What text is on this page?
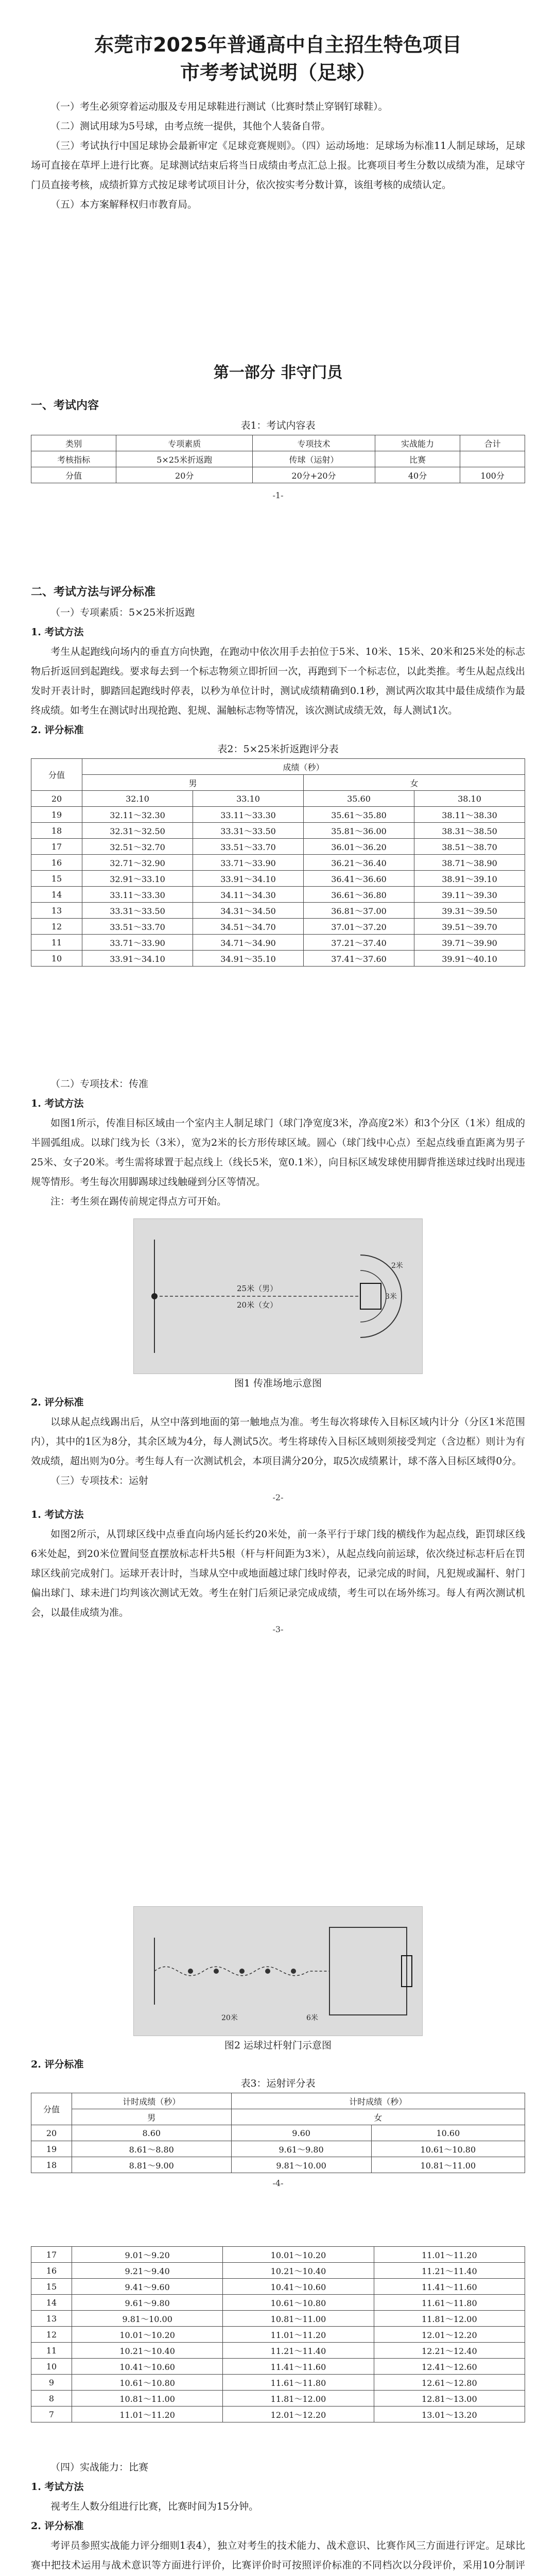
东莞市2025年普通高中自主招生特色项目
市考考试说明（足球）

（一）考生必须穿着运动服及专用足球鞋进行测试（比赛时禁止穿钢钉球鞋）。

（二）测试用球为5号球，由考点统一提供，其他个人装备自带。

（三）考试执行中国足球协会最新审定《足球竞赛规则》。（四）运动场地：足球场为标准11人制足球场，足球场可直接在草坪上进行比赛。足球测试结束后将当日成绩由考点汇总上报。比赛项目考生分数以成绩为准，足球守门员直接考核，成绩折算方式按足球考试项目计分，依次按实考分数计算，该组考核的成绩认定。

（五）本方案解释权归市教育局。

第一部分 非守门员
一、考试内容
表1：考试内容表
类别	专项素质	专项技术	实战能力	合计
考核指标	5×25米折返跑	传球（运射）	比赛	
分值	20分	20分+20分	40分	100分
-1-
二、考试方法与评分标准

（一）专项素质：5×25米折返跑

1. 考试方法

考生从起跑线向场内的垂直方向快跑，在跑动中依次用手去拍位于5米、10米、15米、20米和25米处的标志物后折返回到起跑线。要求每去到一个标志物须立即折回一次，再跑到下一个标志位，以此类推。考生从起点线出发时开表计时，脚踏回起跑线时停表，以秒为单位计时，测试成绩精确到0.1秒，测试两次取其中最佳成绩作为最终成绩。如考生在测试时出现抢跑、犯规、漏触标志物等情况，该次测试成绩无效，每人测试1次。

2. 评分标准
表2：5×25米折返跑评分表
分值	成绩（秒）			
	男		女	
20	32.10	33.10	35.60	38.10
19	32.11～32.30	33.11～33.30	35.61～35.80	38.11～38.30
18	32.31～32.50	33.31～33.50	35.81～36.00	38.31～38.50
17	32.51～32.70	33.51～33.70	36.01～36.20	38.51～38.70
16	32.71～32.90	33.71～33.90	36.21～36.40	38.71～38.90
15	32.91～33.10	33.91～34.10	36.41～36.60	38.91～39.10
14	33.11～33.30	34.11～34.30	36.61～36.80	39.11～39.30
13	33.31～33.50	34.31～34.50	36.81～37.00	39.31～39.50
12	33.51～33.70	34.51～34.70	37.01～37.20	39.51～39.70
11	33.71～33.90	34.71～34.90	37.21～37.40	39.71～39.90
10	33.91～34.10	34.91～35.10	37.41～37.60	39.91～40.10

（二）专项技术：传准

1. 考试方法

如图1所示，传准目标区域由一个室内主人制足球门（球门净宽度3米，净高度2米）和3个分区（1米）组成的半圆弧组成。以球门线为长（3米），宽为2米的长方形传球区域。圆心（球门线中心点）至起点线垂直距离为男子25米、女子20米。考生需将球置于起点线上（线长5米，宽0.1米），向目标区域发球使用脚背推送球过线时出现违规等情形。考生每次用脚踢球过线触碰到分区等情况。

注：考生须在踢传前规定得点方可开始。

25米（男）
20米（女）
3米
2米
图1 传准场地示意图
2. 评分标准

以球从起点线踢出后，从空中落到地面的第一触地点为准。考生每次将球传入目标区域内计分（分区1米范围内），其中的1区为8分，其余区域为4分，每人测试5次。考生将球传入目标区域则须接受判定（含边框）则计为有效成绩，超出则为0分。考生每人有一次测试机会，本项目满分20分，取5次成绩累计，球不落入目标区域得0分。

（三）专项技术：运射

-2-
1. 考试方法

如图2所示，从罚球区线中点垂直向场内延长约20米处，前一条平行于球门线的横线作为起点线，距罚球区线6米处起，到20米位置间竖直摆放标志杆共5根（杆与杆间距为3米），从起点线向前运球，依次绕过标志杆后在罚球区线前完成射门。运球开表计时，当球从空中或地面越过球门线时停表，记录完成的时间，凡犯规或漏杆、射门偏出球门、球未进门均判该次测试无效。考生在射门后须记录完成成绩，考生可以在场外练习。每人有两次测试机会，以最佳成绩为准。

-3-
20米	6米
图2 运球过杆射门示意图
2. 评分标准
表3：运射评分表
分值	计时成绩（秒）	计时成绩（秒）	
	男	女	
20	8.60	9.60	10.60
19	8.61～8.80	9.61～9.80	10.61～10.80
18	8.81～9.00	9.81～10.00	10.81～11.00
-4-
17	9.01～9.20	10.01～10.20	11.01～11.20
16	9.21～9.40	10.21～10.40	11.21～11.40
15	9.41～9.60	10.41～10.60	11.41～11.60
14	9.61～9.80	10.61～10.80	11.61～11.80
13	9.81～10.00	10.81～11.00	11.81～12.00
12	10.01～10.20	11.01～11.20	12.01～12.20
11	10.21～10.40	11.21～11.40	12.21～12.40
10	10.41～10.60	11.41～11.60	12.41～12.60
9	10.61～10.80	11.61～11.80	12.61～12.80
8	10.81～11.00	11.81～12.00	12.81～13.00
7	11.01～11.20	12.01～12.20	13.01～13.20

（四）实战能力：比赛

1. 考试方法

视考生人数分组进行比赛，比赛时间为15分钟。

2. 评分标准

考评员参照实战能力评分细则1表4），独立对考生的技术能力、战术意识、比赛作风三方面进行评定。足球比赛中把技术运用与战术意识等方面进行评价，比赛评价时可按照评价标准的不同档次以分段评价，采用10分制评
